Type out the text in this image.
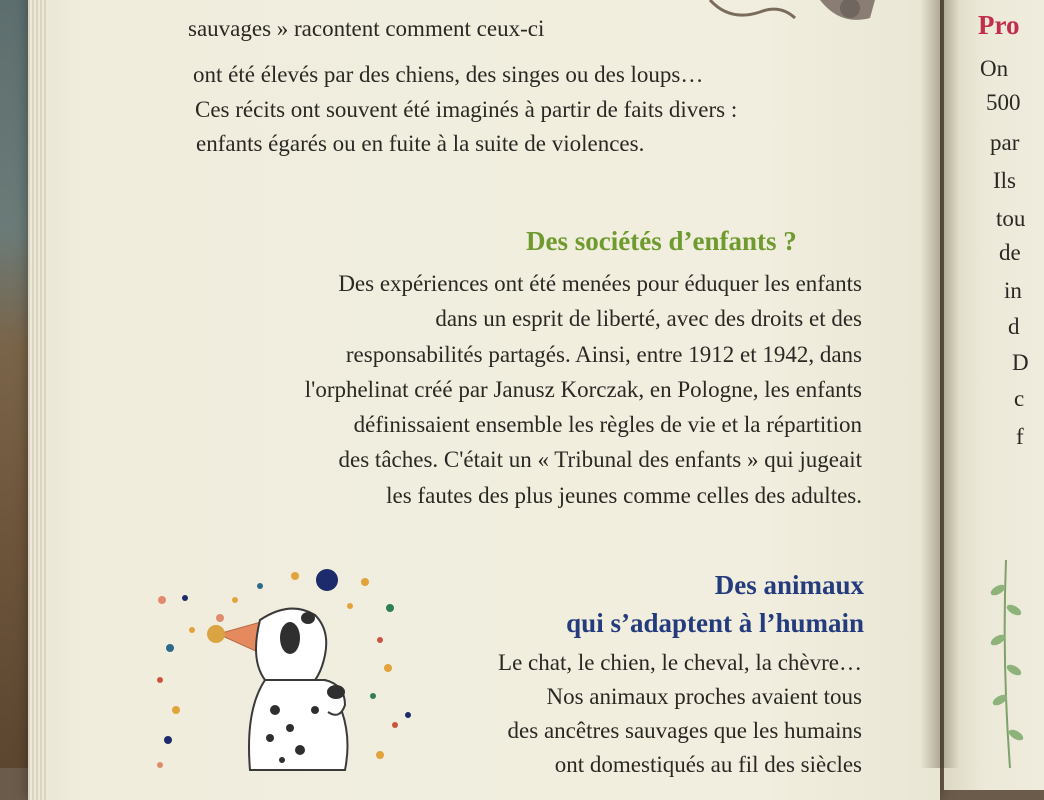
sauvages » racontent comment ceux-ci
ont été élevés par des chiens, des singes ou des loups…
Ces récits ont souvent été imaginés à partir de faits divers :
enfants égarés ou en fuite à la suite de violences.
Des sociétés d’enfants ?
Des expériences ont été menées pour éduquer les enfants
dans un esprit de liberté, avec des droits et des
responsabilités partagés. Ainsi, entre 1912 et 1942, dans
l'orphelinat créé par Janusz Korczak, en Pologne, les enfants
définissaient ensemble les règles de vie et la répartition
des tâches. C'était un « Tribunal des enfants » qui jugeait
les fautes des plus jeunes comme celles des adultes.
Des animaux
qui s’adaptent à l’humain
Le chat, le chien, le cheval, la chèvre…
Nos animaux proches avaient tous
des ancêtres sauvages que les humains
ont domestiqués au fil des siècles
Pro
On
500
par
Ils
tou
de
in
d
D
c
f
